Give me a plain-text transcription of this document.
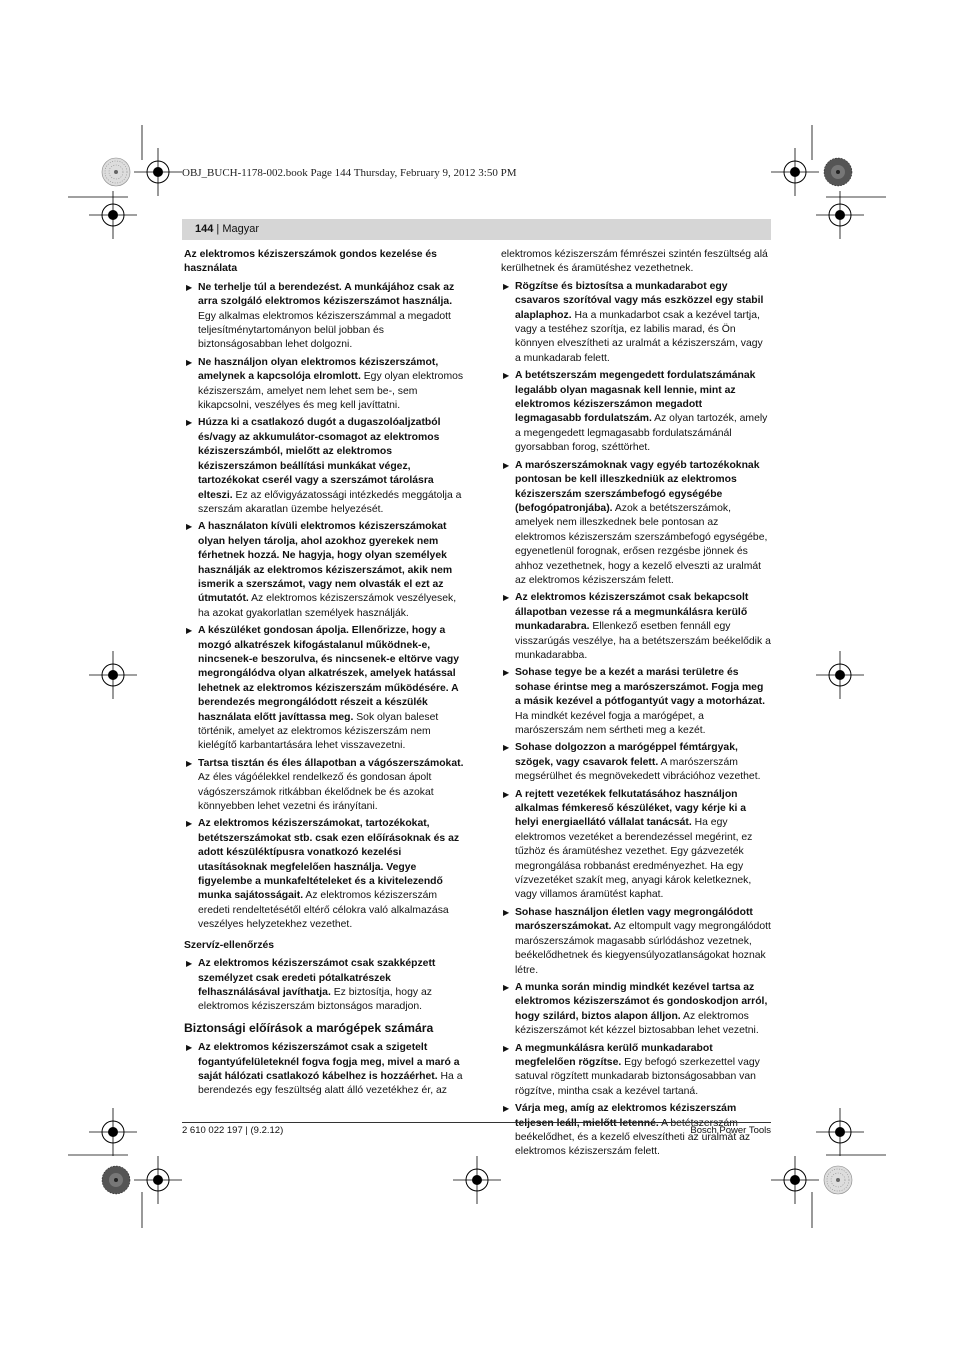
OBJ_BUCH-1178-002.book Page 144 Thursday, February 9, 2012 3:50 PM
144 | Magyar

Az elektromos kéziszerszámok gondos kezelése és használata

▶ Ne terhelje túl a berendezést. A munkájához csak az arra szolgáló elektromos kéziszerszámot használja. Egy alkalmas elektromos kéziszerszámmal a megadott teljesítménytartományon belül jobban és biztonságosabban lehet dolgozni.
▶ Ne használjon olyan elektromos kéziszerszámot, amelynek a kapcsolója elromlott. Egy olyan elektromos kéziszerszám, amelyet nem lehet sem be-, sem kikapcsolni, veszélyes és meg kell javíttatni.
▶ Húzza ki a csatlakozó dugót a dugaszolóaljzatból és/vagy az akkumulátor-csomagot az elektromos kéziszerszámból, mielőtt az elektromos kéziszerszámon beállítási munkákat végez, tartozékokat cserél vagy a szerszámot tárolásra elteszi. Ez az elővigyázatossági intézkedés meggátolja a szerszám akaratlan üzembe helyezését.
▶ A használaton kívüli elektromos kéziszerszámokat olyan helyen tárolja, ahol azokhoz gyerekek nem férhetnek hozzá. Ne hagyja, hogy olyan személyek használják az elektromos kéziszerszámot, akik nem ismerik a szerszámot, vagy nem olvasták el ezt az útmutatót. Az elektromos kéziszerszámok veszélyesek, ha azokat gyakorlatlan személyek használják.
▶ A készüléket gondosan ápolja. Ellenőrizze, hogy a mozgó alkatrészek kifogástalanul működnek-e, nincsenek-e beszorulva, és nincsenek-e eltörve vagy megrongálódva olyan alkatrészek, amelyek hatással lehetnek az elektromos kéziszerszám működésére. A berendezés megrongálódott részeit a készülék használata előtt javíttassa meg. Sok olyan baleset történik, amelyet az elektromos kéziszerszám nem kielégítő karbantartására lehet visszavezetni.
▶ Tartsa tisztán és éles állapotban a vágószerszámokat. Az éles vágóélekkel rendelkező és gondosan ápolt vágószerszámok ritkábban ékelődnek be és azokat könnyebben lehet vezetni és irányítani.
▶ Az elektromos kéziszerszámokat, tartozékokat, betétszerszámokat stb. csak ezen előírásoknak és az adott készüléktípusra vonatkozó kezelési utasításoknak megfelelően használja. Vegye figyelembe a munkafeltételeket és a kivitelezendő munka sajátosságait. Az elektromos kéziszerszám eredeti rendeltetésétől eltérő célokra való alkalmazása veszélyes helyzetekhez vezethet.

Szervíz-ellenőrzés

▶ Az elektromos kéziszerszámot csak szakképzett személyzet csak eredeti pótalkatrészek felhasználásával javíthatja. Ez biztosítja, hogy az elektromos kéziszerszám biztonságos maradjon.

Biztonsági előírások a marógépek számára

▶ Az elektromos kéziszerszámot csak a szigetelt fogantyúfelületeknél fogva fogja meg, mivel a maró a saját hálózati csatlakozó kábelhez is hozzáérhet. Ha a berendezés egy feszültség alatt álló vezetékhez ér, az

elektromos kéziszerszám fémrészei szintén feszültség alá kerülhetnek és áramütéshez vezethetnek.

▶ Rögzítse és biztosítsa a munkadarabot egy csavaros szorítóval vagy más eszközzel egy stabil alaplaphoz. Ha a munkadarbot csak a kezével tartja, vagy a testéhez szorítja, ez labilis marad, és Ön könnyen elveszítheti az uralmát a kéziszerszám, vagy a munkadarab felett.
▶ A betétszerszám megengedett fordulatszámának legalább olyan magasnak kell lennie, mint az elektromos kéziszerszámon megadott legmagasabb fordulatszám. Az olyan tartozék, amely a megengedett legmagasabb fordulatszámánál gyorsabban forog, széttörhet.
▶ A marószerszámoknak vagy egyéb tartozékoknak pontosan be kell illeszkedniük az elektromos kéziszerszám szerszámbefogó egységébe (befogópatronjába). Azok a betétszerszámok, amelyek nem illeszkednek bele pontosan az elektromos kéziszerszám szerszámbefogó egységébe, egyenetlenül forognak, erősen rezgésbe jönnek és ahhoz vezethetnek, hogy a kezelő elveszti az uralmát az elektromos kéziszerszám felett.
▶ Az elektromos kéziszerszámot csak bekapcsolt állapotban vezesse rá a megmunkálásra kerülő munkadarabra. Ellenkező esetben fennáll egy visszarúgás veszélye, ha a betétszerszám beékelődik a munkadarabba.
▶ Sohase tegye be a kezét a marási területre és sohase érintse meg a marószerszámot. Fogja meg a másik kezével a pótfogantyút vagy a motorházat. Ha mindkét kezével fogja a marógépet, a marószerszám nem sértheti meg a kezét.
▶ Sohase dolgozzon a marógéppel fémtárgyak, szögek, vagy csavarok felett. A marószerszám megsérülhet és megnövekedett vibrációhoz vezethet.
▶ A rejtett vezetékek felkutatásához használjon alkalmas fémkereső készüléket, vagy kérje ki a helyi energiaellátó vállalat tanácsát. Ha egy elektromos vezetéket a berendezéssel megérint, ez tűzhöz és áramütéshez vezethet. Egy gázvezeték megrongálása robbanást eredményezhet. Ha egy vízvezetéket szakít meg, anyagi károk keletkeznek, vagy villamos áramütést kaphat.
▶ Sohase használjon életlen vagy megrongálódott marószerszámokat. Az eltompult vagy megrongálódott marószerszámok magasabb súrlódáshoz vezetnek, beékelődhetnek és kiegyensúlyozatlanságokat hoznak létre.
▶ A munka során mindig mindkét kezével tartsa az elektromos kéziszerszámot és gondoskodjon arról, hogy szilárd, biztos alapon álljon. Az elektromos kéziszerszámot két kézzel biztosabban lehet vezetni.
▶ A megmunkálásra kerülő munkadarabot megfelelően rögzítse. Egy befogó szerkezettel vagy satuval rögzített munkadarab biztonságosabban van rögzítve, mintha csak a kezével tartaná.
▶ Várja meg, amíg az elektromos kéziszerszám teljesen leáll, mielőtt letenné. A betétszerszám beékelődhet, és a kezelő elveszítheti az uralmát az elektromos kéziszerszám felett.
2 610 022 197 | (9.2.12)	Bosch Power Tools
